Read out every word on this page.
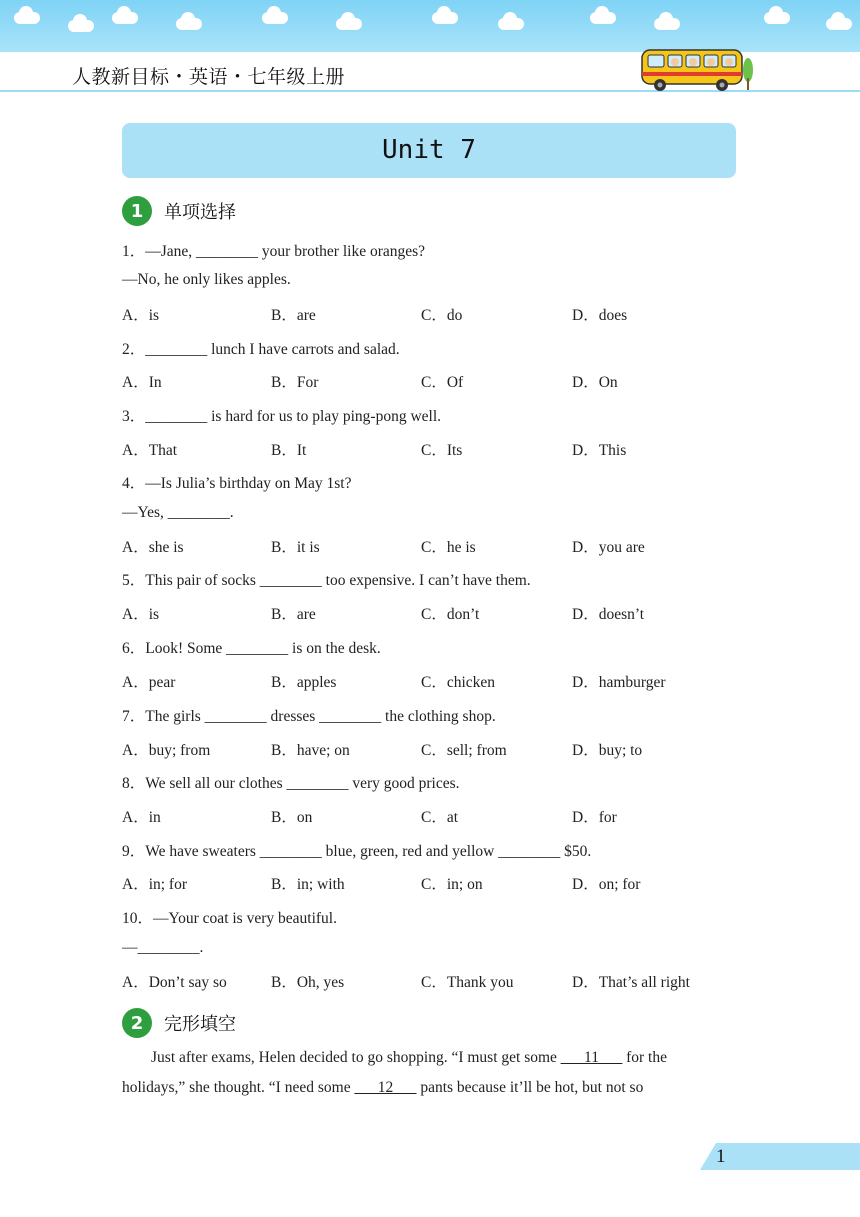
人教新目标・英语・七年级上册
Unit 7
1	单项选择
1．—Jane, ________ your brother like oranges?
—No, he only likes apples.
A．is	B．are	C．do	D．does
2．________ lunch I have carrots and salad.
A．In	B．For	C．Of	D．On
3．________ is hard for us to play ping-pong well.
A．That	B．It	C．Its	D．This
4．—Is Julia’s birthday on May 1st?
—Yes, ________.
A．she is	B．it is	C．he is	D．you are
5．This pair of socks ________ too expensive. I can’t have them.
A．is	B．are	C．don’t	D．doesn’t
6．Look! Some ________ is on the desk.
A．pear	B．apples	C．chicken	D．hamburger
7．The girls ________ dresses ________ the clothing shop.
A．buy; from	B．have; on	C．sell; from	D．buy; to
8．We sell all our clothes ________ very good prices.
A．in	B．on	C．at	D．for
9．We have sweaters ________ blue, green, red and yellow ________ $50.
A．in; for	B．in; with	C．in; on	D．on; for
10．—Your coat is very beautiful.
—________.
A．Don’t say so	B．Oh, yes	C．Thank you	D．That’s all right
2	完形填空
Just after exams, Helen decided to go shopping. “I must get some ___11___ for the
holidays,” she thought. “I need some ___12___ pants because it’ll be hot, but not so
1
